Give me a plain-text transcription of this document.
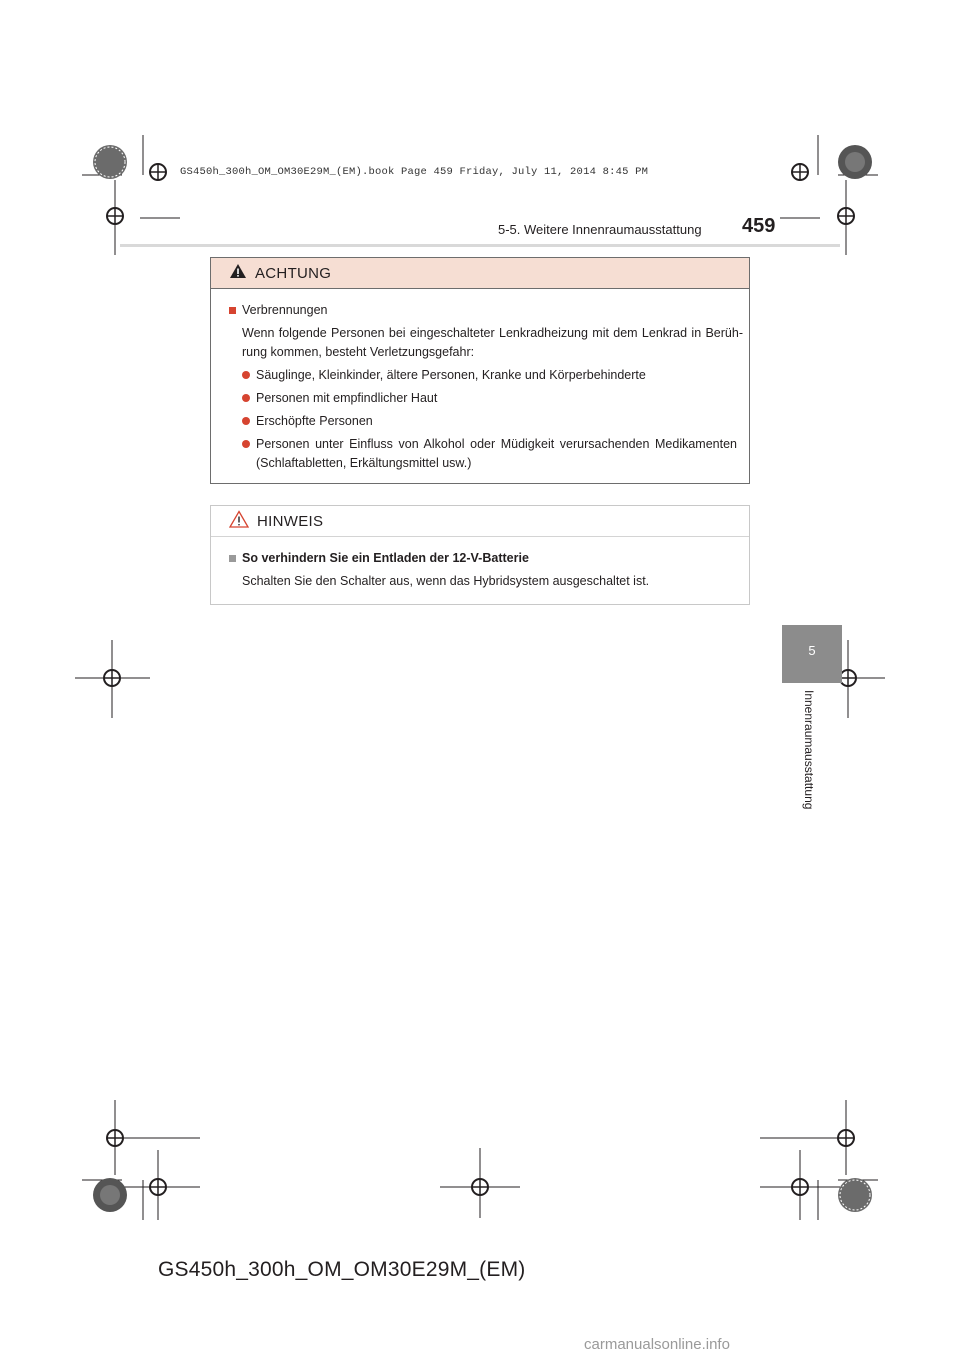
GS450h_300h_OM_OM30E29M_(EM).book Page 459 Friday, July 11, 2014 8:45 PM
5-5. Weitere Innenraumausstattung 459
5
Innenraumausstattung
ACHTUNG
Verbrennungen
Wenn folgende Personen bei eingeschalteter Lenkradheizung mit dem Lenkrad in Berüh-rung kommen, besteht Verletzungsgefahr:
Säuglinge, Kleinkinder, ältere Personen, Kranke und Körperbehinderte
Personen mit empfindlicher Haut
Erschöpfte Personen
Personen unter Einfluss von Alkohol oder Müdigkeit verursachenden Medikamenten (Schlaftabletten, Erkältungsmittel usw.)
HINWEIS
So verhindern Sie ein Entladen der 12-V-Batterie
Schalten Sie den Schalter aus, wenn das Hybridsystem ausgeschaltet ist.
GS450h_300h_OM_OM30E29M_(EM)
carmanualsonline.info
